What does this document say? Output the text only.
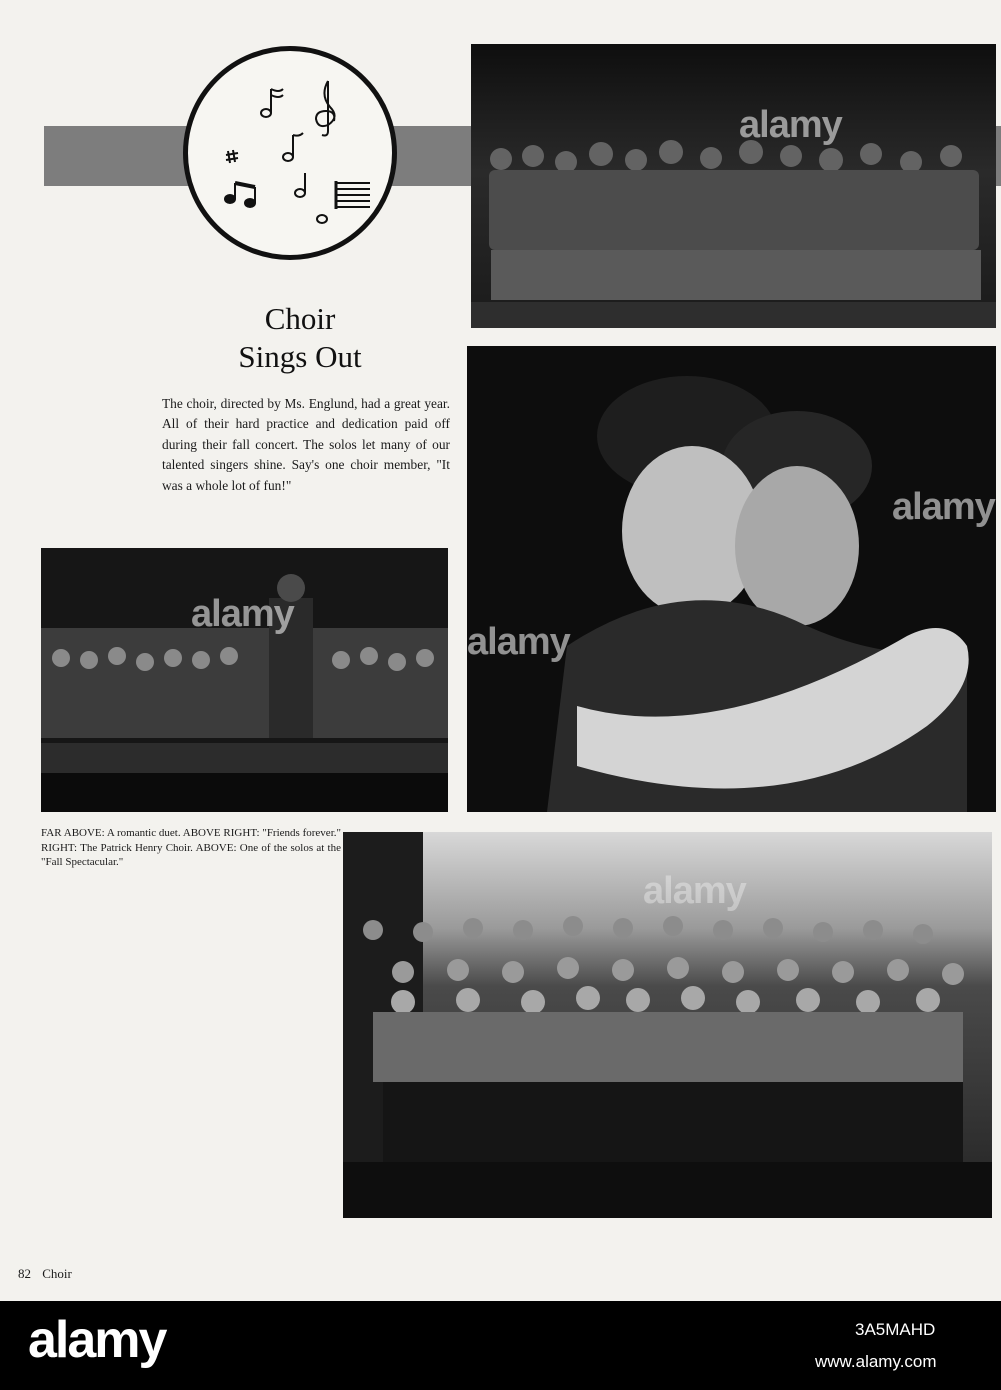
Choir
Sings Out
The choir, directed by Ms. Englund, had a great year. All of their hard practice and dedication paid off during their fall concert. The solos let many of our talented singers shine. Say's one choir member, "It was a whole lot of fun!"
alamy
alamy
alamy
alamy
FAR ABOVE: A romantic duet. ABOVE RIGHT: "Friends forever." RIGHT: The Patrick Henry Choir. ABOVE: One of the solos at the "Fall Spectacular."
alamy
82 Choir
alamy	3A5MAHD
www.alamy.com
